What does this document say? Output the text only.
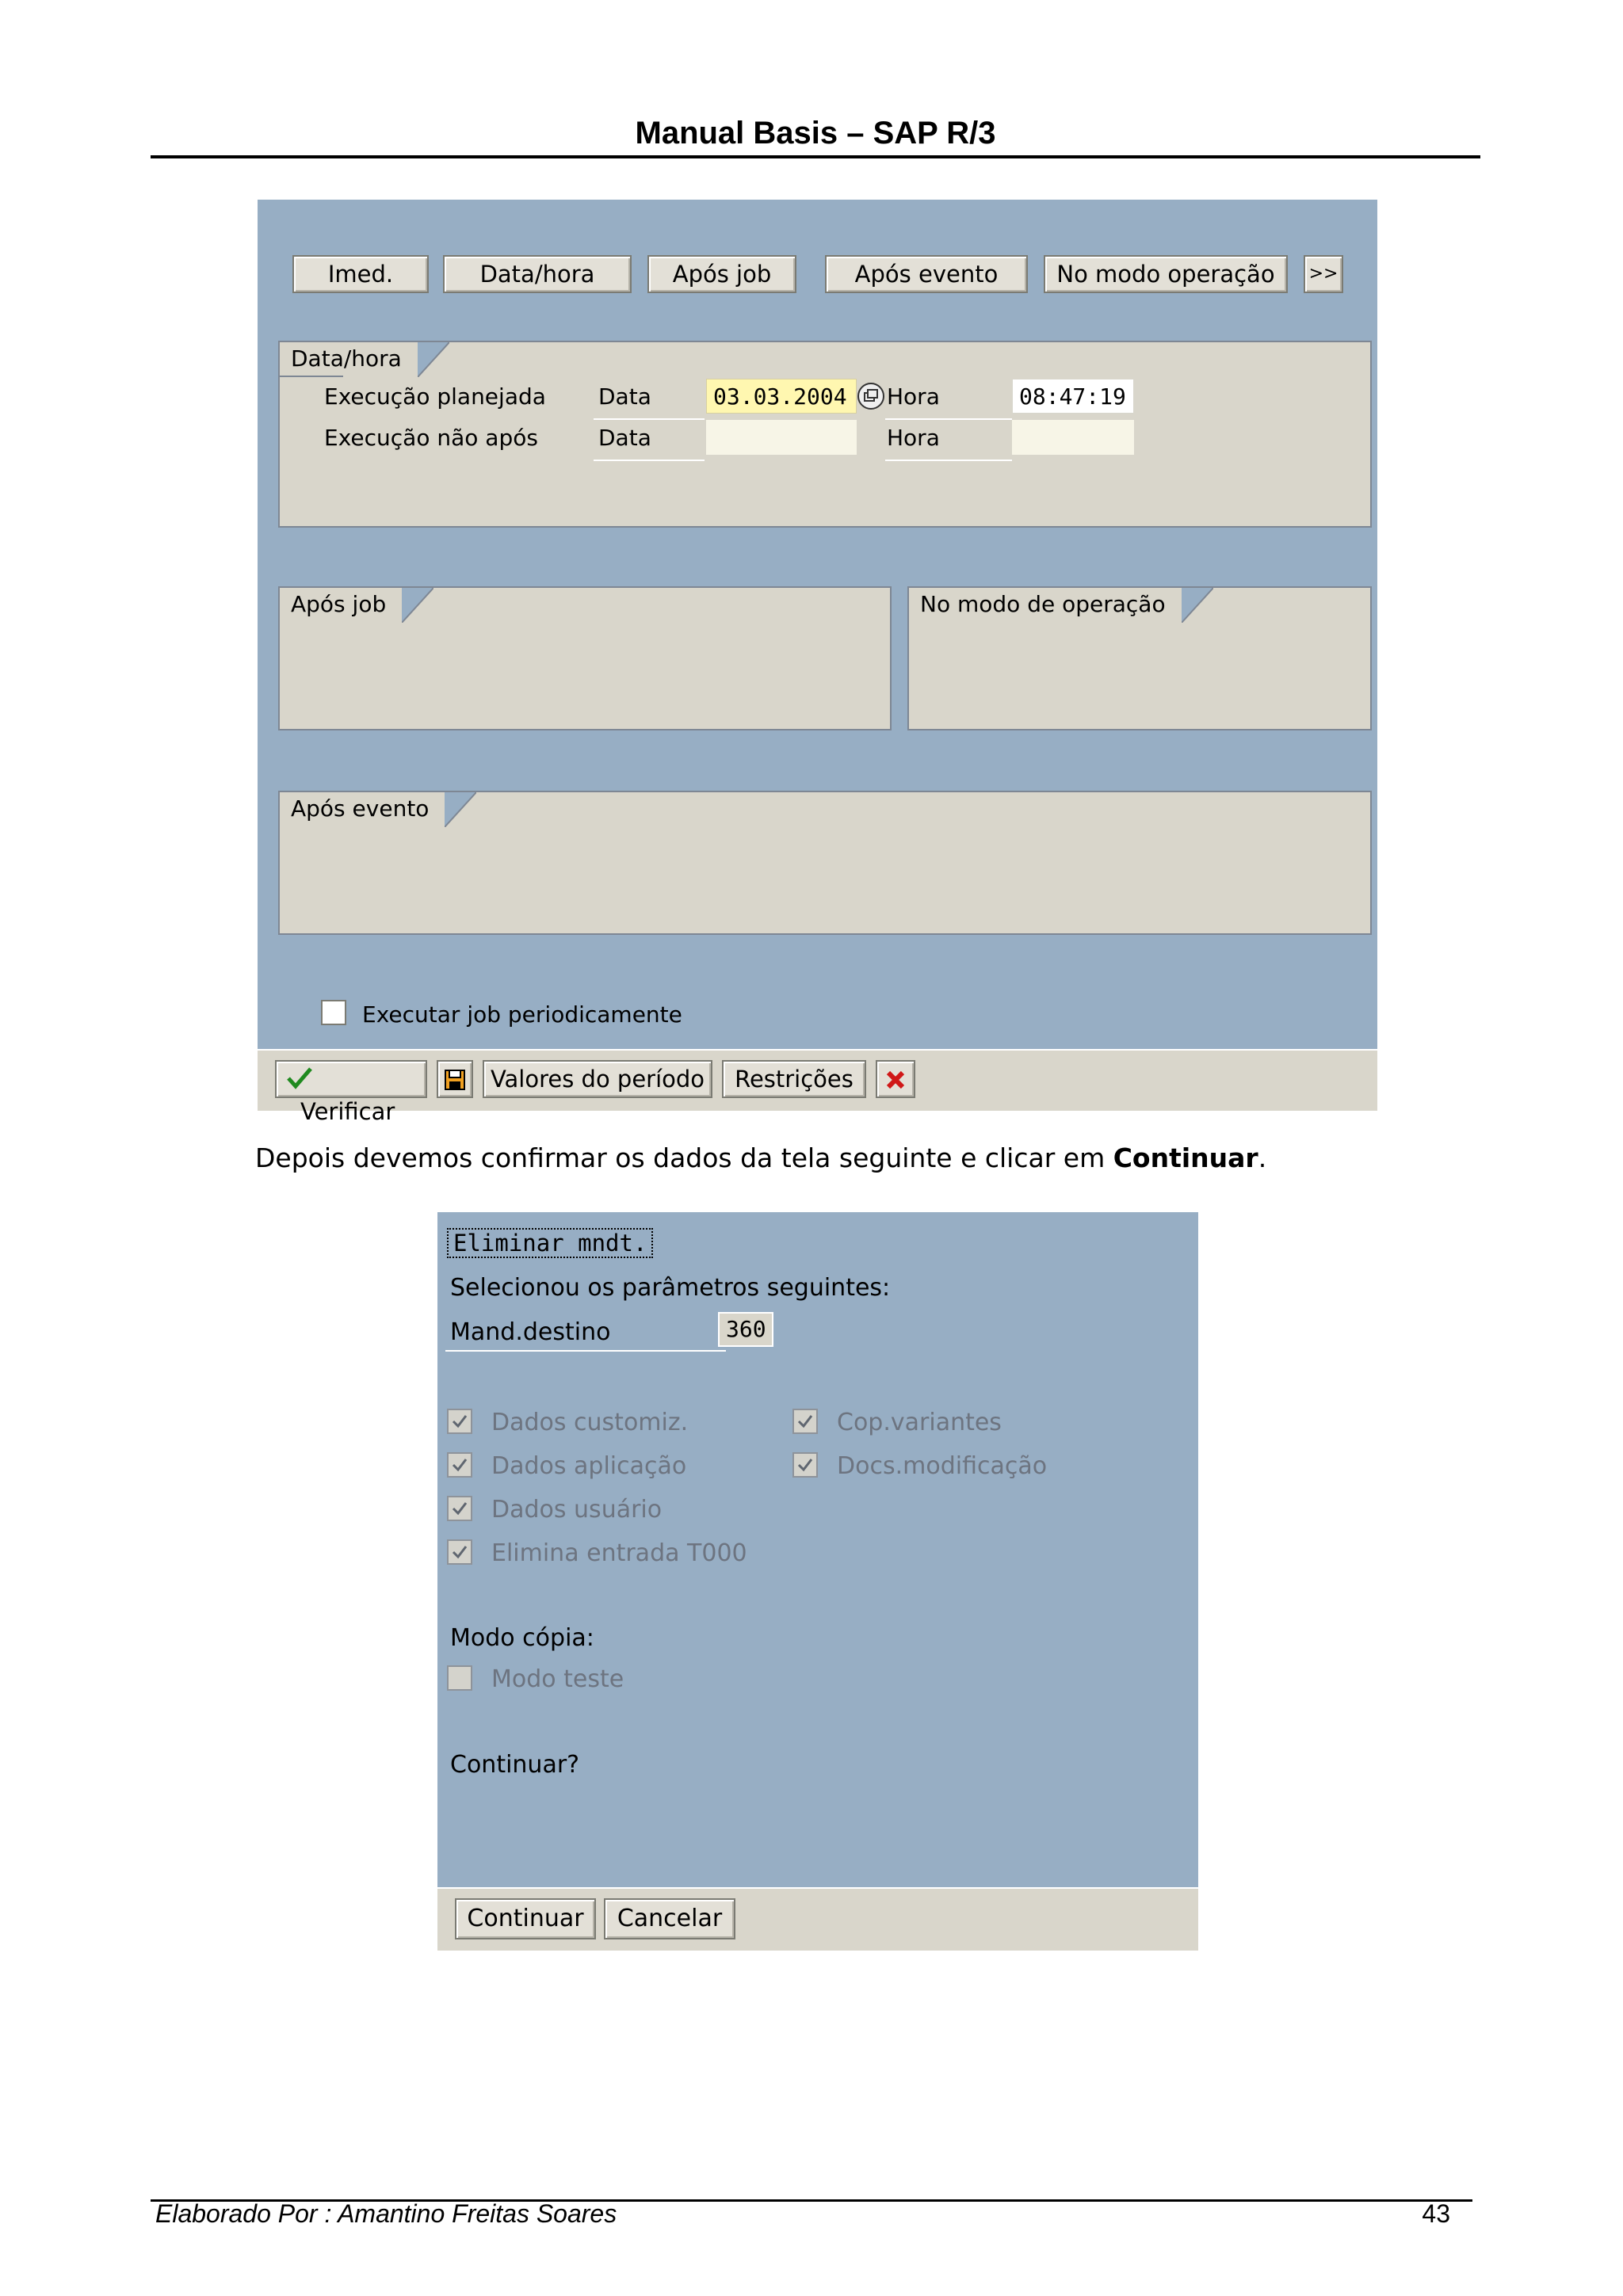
Manual Basis – SAP R/3
Imed.	Data/hora	Após job	Após evento	No modo operação	>>
Data/hora
Execução planejada Data	03.03.2004	Hora	08:47:19
Execução não após	Data	Hora
Após job	No modo de operação
Após evento
Executar job periodicamente
Verificar
Valores do período	Restrições
Depois devemos confirmar os dados da tela seguinte e clicar em Continuar.
Eliminar mndt.
Selecionou os parâmetros seguintes:
Mand.destino	360
Dados customiz.
Dados aplicação
Dados usuário
Elimina entrada T000
Cop.variantes
Docs.modificação
Modo cópia:
Modo teste
Continuar?
Continuar	Cancelar
Elaborado Por : Amantino Freitas Soares	43
